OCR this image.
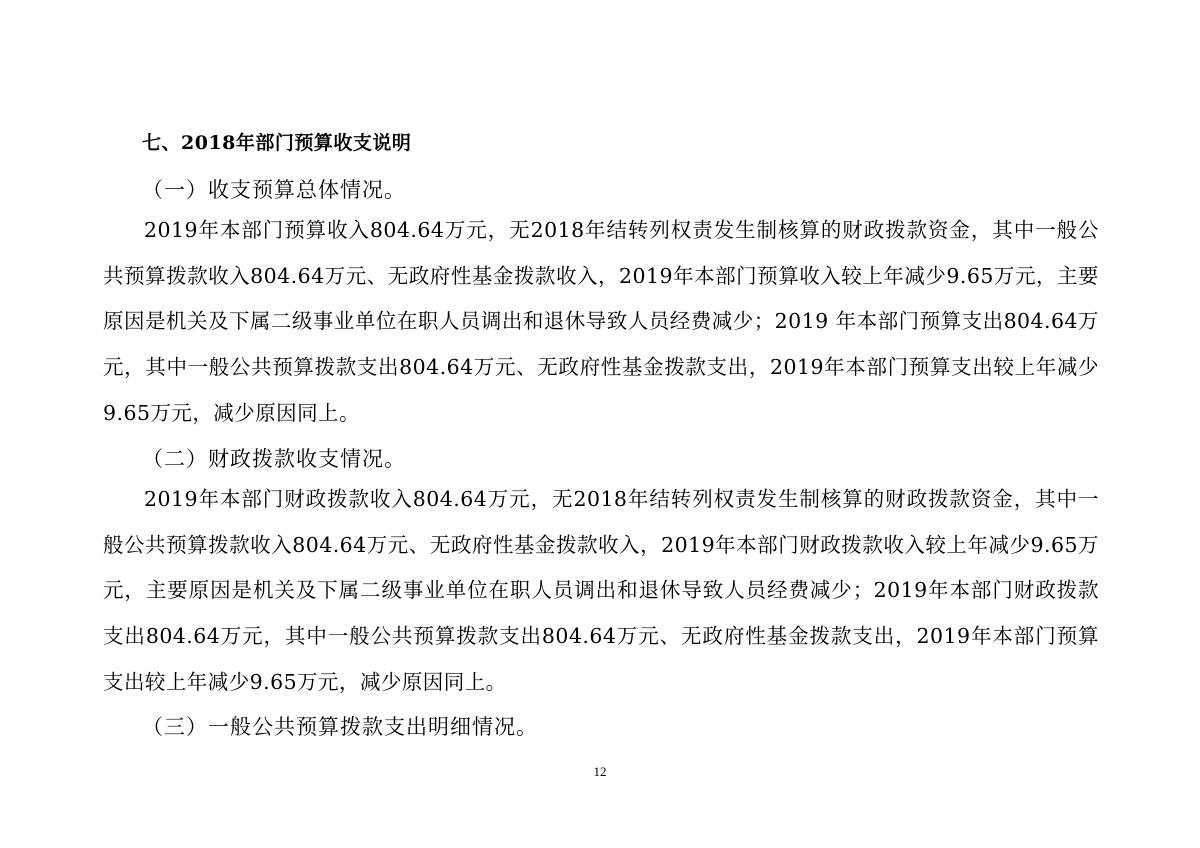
七、2018年部门预算收支说明
（一）收支预算总体情况。
2019年本部门预算收入804.64万元，无2018年结转列权责发生制核算的财政拨款资金，其中一般公共预算拨款收入804.64万元、无政府性基金拨款收入，2019年本部门预算收入较上年减少9.65万元，主要原因是机关及下属二级事业单位在职人员调出和退休导致人员经费减少；2019 年本部门预算支出804.64万元，其中一般公共预算拨款支出804.64万元、无政府性基金拨款支出，2019年本部门预算支出较上年减少9.65万元，减少原因同上。
（二）财政拨款收支情况。
2019年本部门财政拨款收入804.64万元，无2018年结转列权责发生制核算的财政拨款资金，其中一般公共预算拨款收入804.64万元、无政府性基金拨款收入，2019年本部门财政拨款收入较上年减少9.65万元，主要原因是机关及下属二级事业单位在职人员调出和退休导致人员经费减少；2019年本部门财政拨款支出804.64万元，其中一般公共预算拨款支出804.64万元、无政府性基金拨款支出，2019年本部门预算支出较上年减少9.65万元，减少原因同上。
（三）一般公共预算拨款支出明细情况。
12
